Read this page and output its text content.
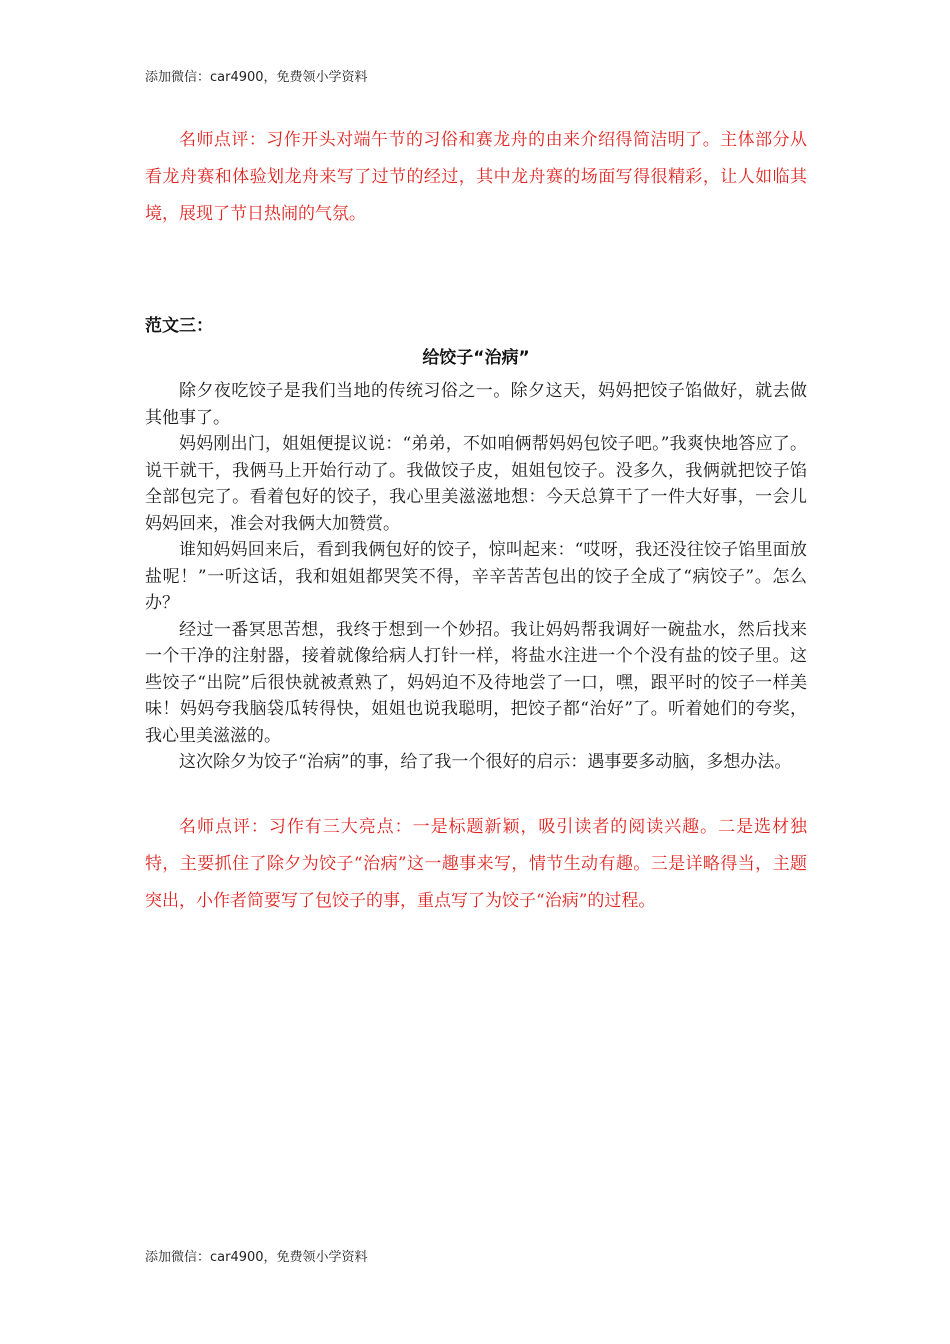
添加微信：car4900，免费领小学资料

名师点评：习作开头对端午节的习俗和赛龙舟的由来介绍得简洁明了。主体部分从看龙舟赛和体验划龙舟来写了过节的经过，其中龙舟赛的场面写得很精彩，让人如临其境，展现了节日热闹的气氛。

范文三：
给饺子“治病”

除夕夜吃饺子是我们当地的传统习俗之一。除夕这天，妈妈把饺子馅做好，就去做其他事了。

妈妈刚出门，姐姐便提议说：“弟弟，不如咱俩帮妈妈包饺子吧。”我爽快地答应了。说干就干，我俩马上开始行动了。我做饺子皮，姐姐包饺子。没多久，我俩就把饺子馅全部包完了。看着包好的饺子，我心里美滋滋地想：今天总算干了一件大好事，一会儿妈妈回来，准会对我俩大加赞赏。

谁知妈妈回来后，看到我俩包好的饺子，惊叫起来：“哎呀，我还没往饺子馅里面放盐呢！”一听这话，我和姐姐都哭笑不得，辛辛苦苦包出的饺子全成了“病饺子”。怎么办？

经过一番冥思苦想，我终于想到一个妙招。我让妈妈帮我调好一碗盐水，然后找来一个干净的注射器，接着就像给病人打针一样，将盐水注进一个个没有盐的饺子里。这些饺子“出院”后很快就被煮熟了，妈妈迫不及待地尝了一口，嘿，跟平时的饺子一样美味！妈妈夸我脑袋瓜转得快，姐姐也说我聪明，把饺子都“治好”了。听着她们的夸奖，我心里美滋滋的。

这次除夕为饺子“治病”的事，给了我一个很好的启示：遇事要多动脑，多想办法。

名师点评：习作有三大亮点：一是标题新颖，吸引读者的阅读兴趣。二是选材独特，主要抓住了除夕为饺子“治病”这一趣事来写，情节生动有趣。三是详略得当，主题突出，小作者简要写了包饺子的事，重点写了为饺子“治病”的过程。

添加微信：car4900，免费领小学资料
